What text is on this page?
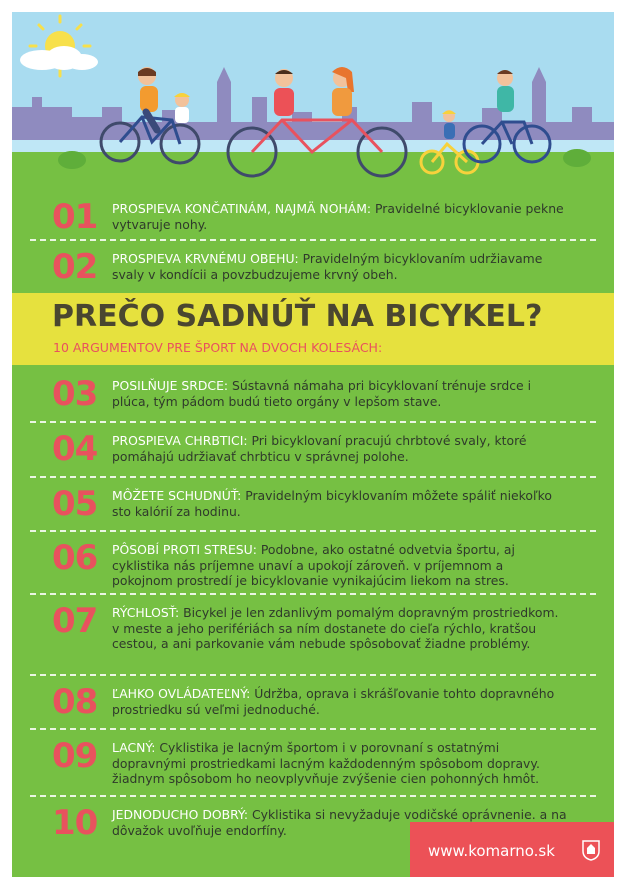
01 PROSPIEVA KONČATINÁM, NAJMÄ NOHÁM: Pravidelné bicyklovanie pekne vytvaruje nohy.
02 PROSPIEVA KRVNÉMU OBEHU: Pravidelným bicyklovaním udržiavame svaly v kondícii a povzbudzujeme krvný obeh.
PREČO SADNÚŤ NA BICYKEL?
10 ARGUMENTOV PRE ŠPORT NA DVOCH KOLESÁCH:
03 POSILŇUJE SRDCE: Sústavná námaha pri bicyklovaní trénuje srdce i plúca, tým pádom budú tieto orgány v lepšom stave.
04 PROSPIEVA CHRBTICI: Pri bicyklovaní pracujú chrbtové svaly, ktoré pomáhajú udržiavať chrbticu v správnej polohe.
05 MÔŽETE SCHUDNÚŤ: Pravidelným bicyklovaním môžete spáliť niekoľko sto kalórií za hodinu.
06 PÔSOBÍ PROTI STRESU: Podobne, ako ostatné odvetvia športu, aj cyklistika nás príjemne unaví a upokojí zároveň. v príjemnom a pokojnom prostredí je bicyklovanie vynikajúcim liekom na stres.
07 RÝCHLOSŤ: Bicykel je len zdanlivým pomalým dopravným prostriedkom. v meste a jeho perifériách sa ním dostanete do cieľa rýchlo, kratšou cestou, a ani parkovanie vám nebude spôsobovať žiadne problémy.
08 ĽAHKO OVLÁDATEĽNÝ: Údržba, oprava i skrášľovanie tohto dopravného prostriedku sú veľmi jednoduché.
09 LACNÝ: Cyklistika je lacným športom i v porovnaní s ostatnými dopravnými prostriedkami lacným každodenným spôsobom dopravy. žiadnym spôsobom ho neovplyvňuje zvýšenie cien pohonných hmôt.
10 JEDNODUCHO DOBRÝ: Cyklistika si nevyžaduje vodičské oprávnenie. a na dôvažok uvoľňuje endorfíny.
www.komarno.sk
